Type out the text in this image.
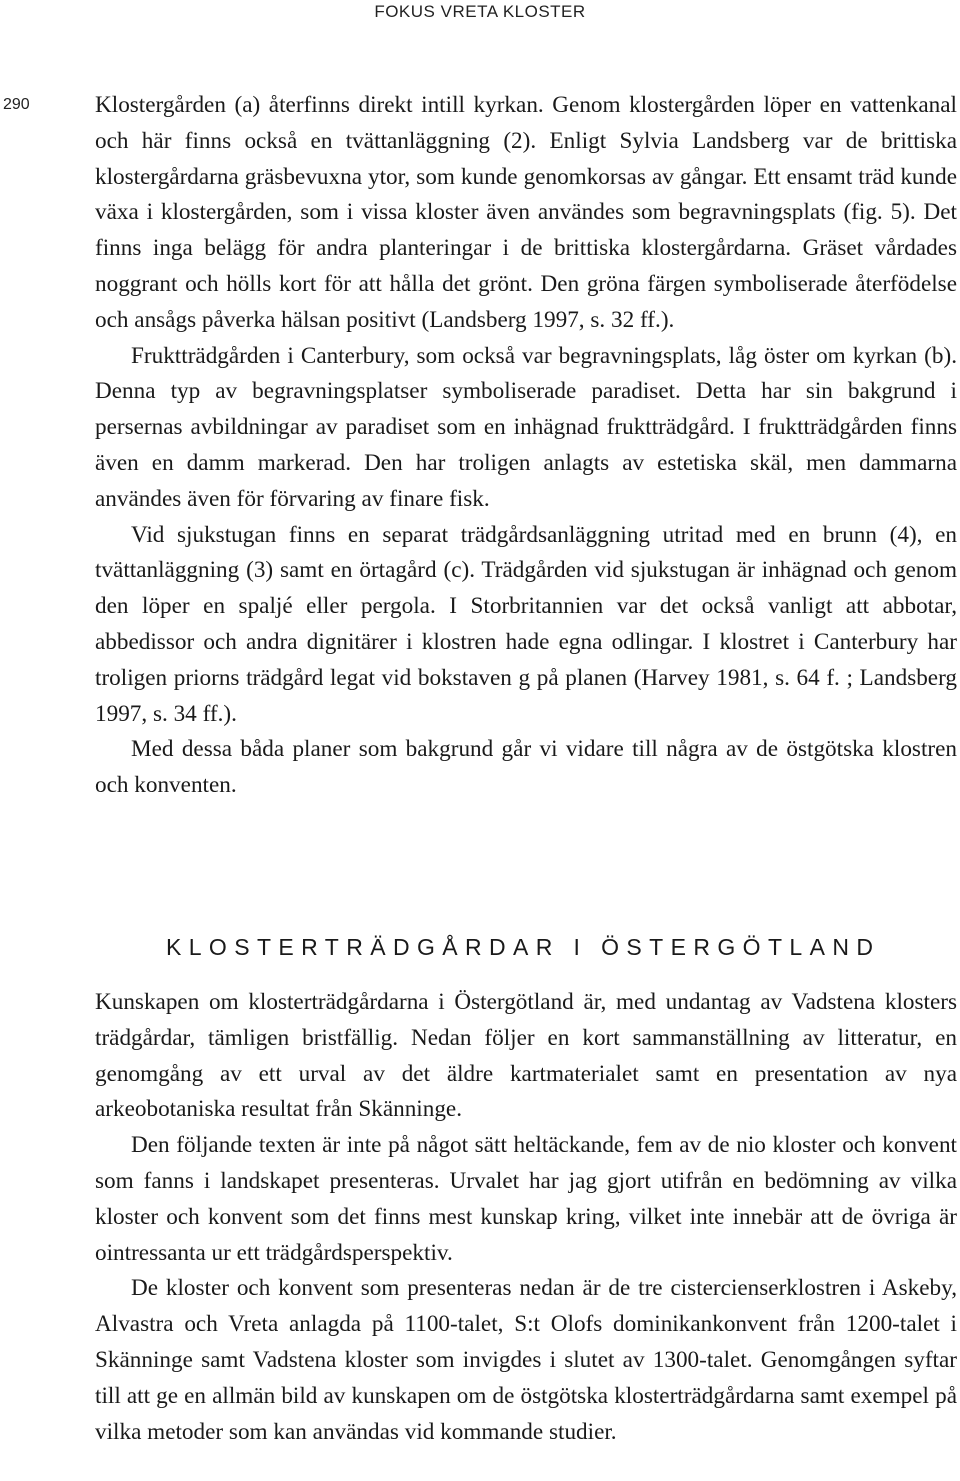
FOKUS VRETA KLOSTER
290	Klostergården (a) återfinns direkt intill kyrkan. Genom klostergården löper en vattenkanal och här finns också en tvättanläggning (2). Enligt Sylvia Landsberg var de brittiska klostergårdarna gräsbevuxna ytor, som kunde genomkorsas av gångar. Ett ensamt träd kunde växa i klostergården, som i vissa kloster även användes som begravningsplats (fig. 5). Det finns inga belägg för andra planteringar i de brittiska klostergårdarna. Gräset vårdades noggrant och hölls kort för att hålla det grönt. Den gröna färgen symboliserade återfödelse och ansågs påverka hälsan positivt (Landsberg 1997, s. 32 ff.).

Fruktträdgården i Canterbury, som också var begravningsplats, låg öster om kyrkan (b). Denna typ av begravningsplatser symboliserade paradiset. Detta har sin bakgrund i persernas avbildningar av paradiset som en inhägnad fruktträdgård. I fruktträdgården finns även en damm markerad. Den har troligen anlagts av estetiska skäl, men dammarna användes även för förvaring av finare fisk.

Vid sjukstugan finns en separat trädgårdsanläggning utritad med en brunn (4), en tvättanläggning (3) samt en örtagård (c). Trädgården vid sjukstugan är inhägnad och genom den löper en spaljé eller pergola. I Storbritannien var det också vanligt att abbotar, abbedissor och andra dignitärer i klostren hade egna odlingar. I klostret i Canterbury har troligen priorns trädgård legat vid bokstaven g på planen (Harvey 1981, s. 64 f. ; Landsberg 1997, s. 34 ff.).

Med dessa båda planer som bakgrund går vi vidare till några av de östgötska klostren och konventen.

KLOSTERTRÄDGÅRDAR I ÖSTERGÖTLAND

Kunskapen om klosterträdgårdarna i Östergötland är, med undantag av Vadstena klosters trädgårdar, tämligen bristfällig. Nedan följer en kort sammanställning av litteratur, en genomgång av ett urval av det äldre kartmaterialet samt en presentation av nya arkeobotaniska resultat från Skänninge.

Den följande texten är inte på något sätt heltäckande, fem av de nio kloster och konvent som fanns i landskapet presenteras. Urvalet har jag gjort utifrån en bedömning av vilka kloster och konvent som det finns mest kunskap kring, vilket inte innebär att de övriga är ointressanta ur ett trädgårdsperspektiv.

De kloster och konvent som presenteras nedan är de tre cistercienserklostren i Askeby, Alvastra och Vreta anlagda på 1100-talet, S:t Olofs dominikankonvent från 1200-talet i Skänninge samt Vadstena kloster som invigdes i slutet av 1300-talet. Genomgången syftar till att ge en allmän bild av kunskapen om de östgötska klosterträdgårdarna samt exempel på vilka metoder som kan användas vid kommande studier.
